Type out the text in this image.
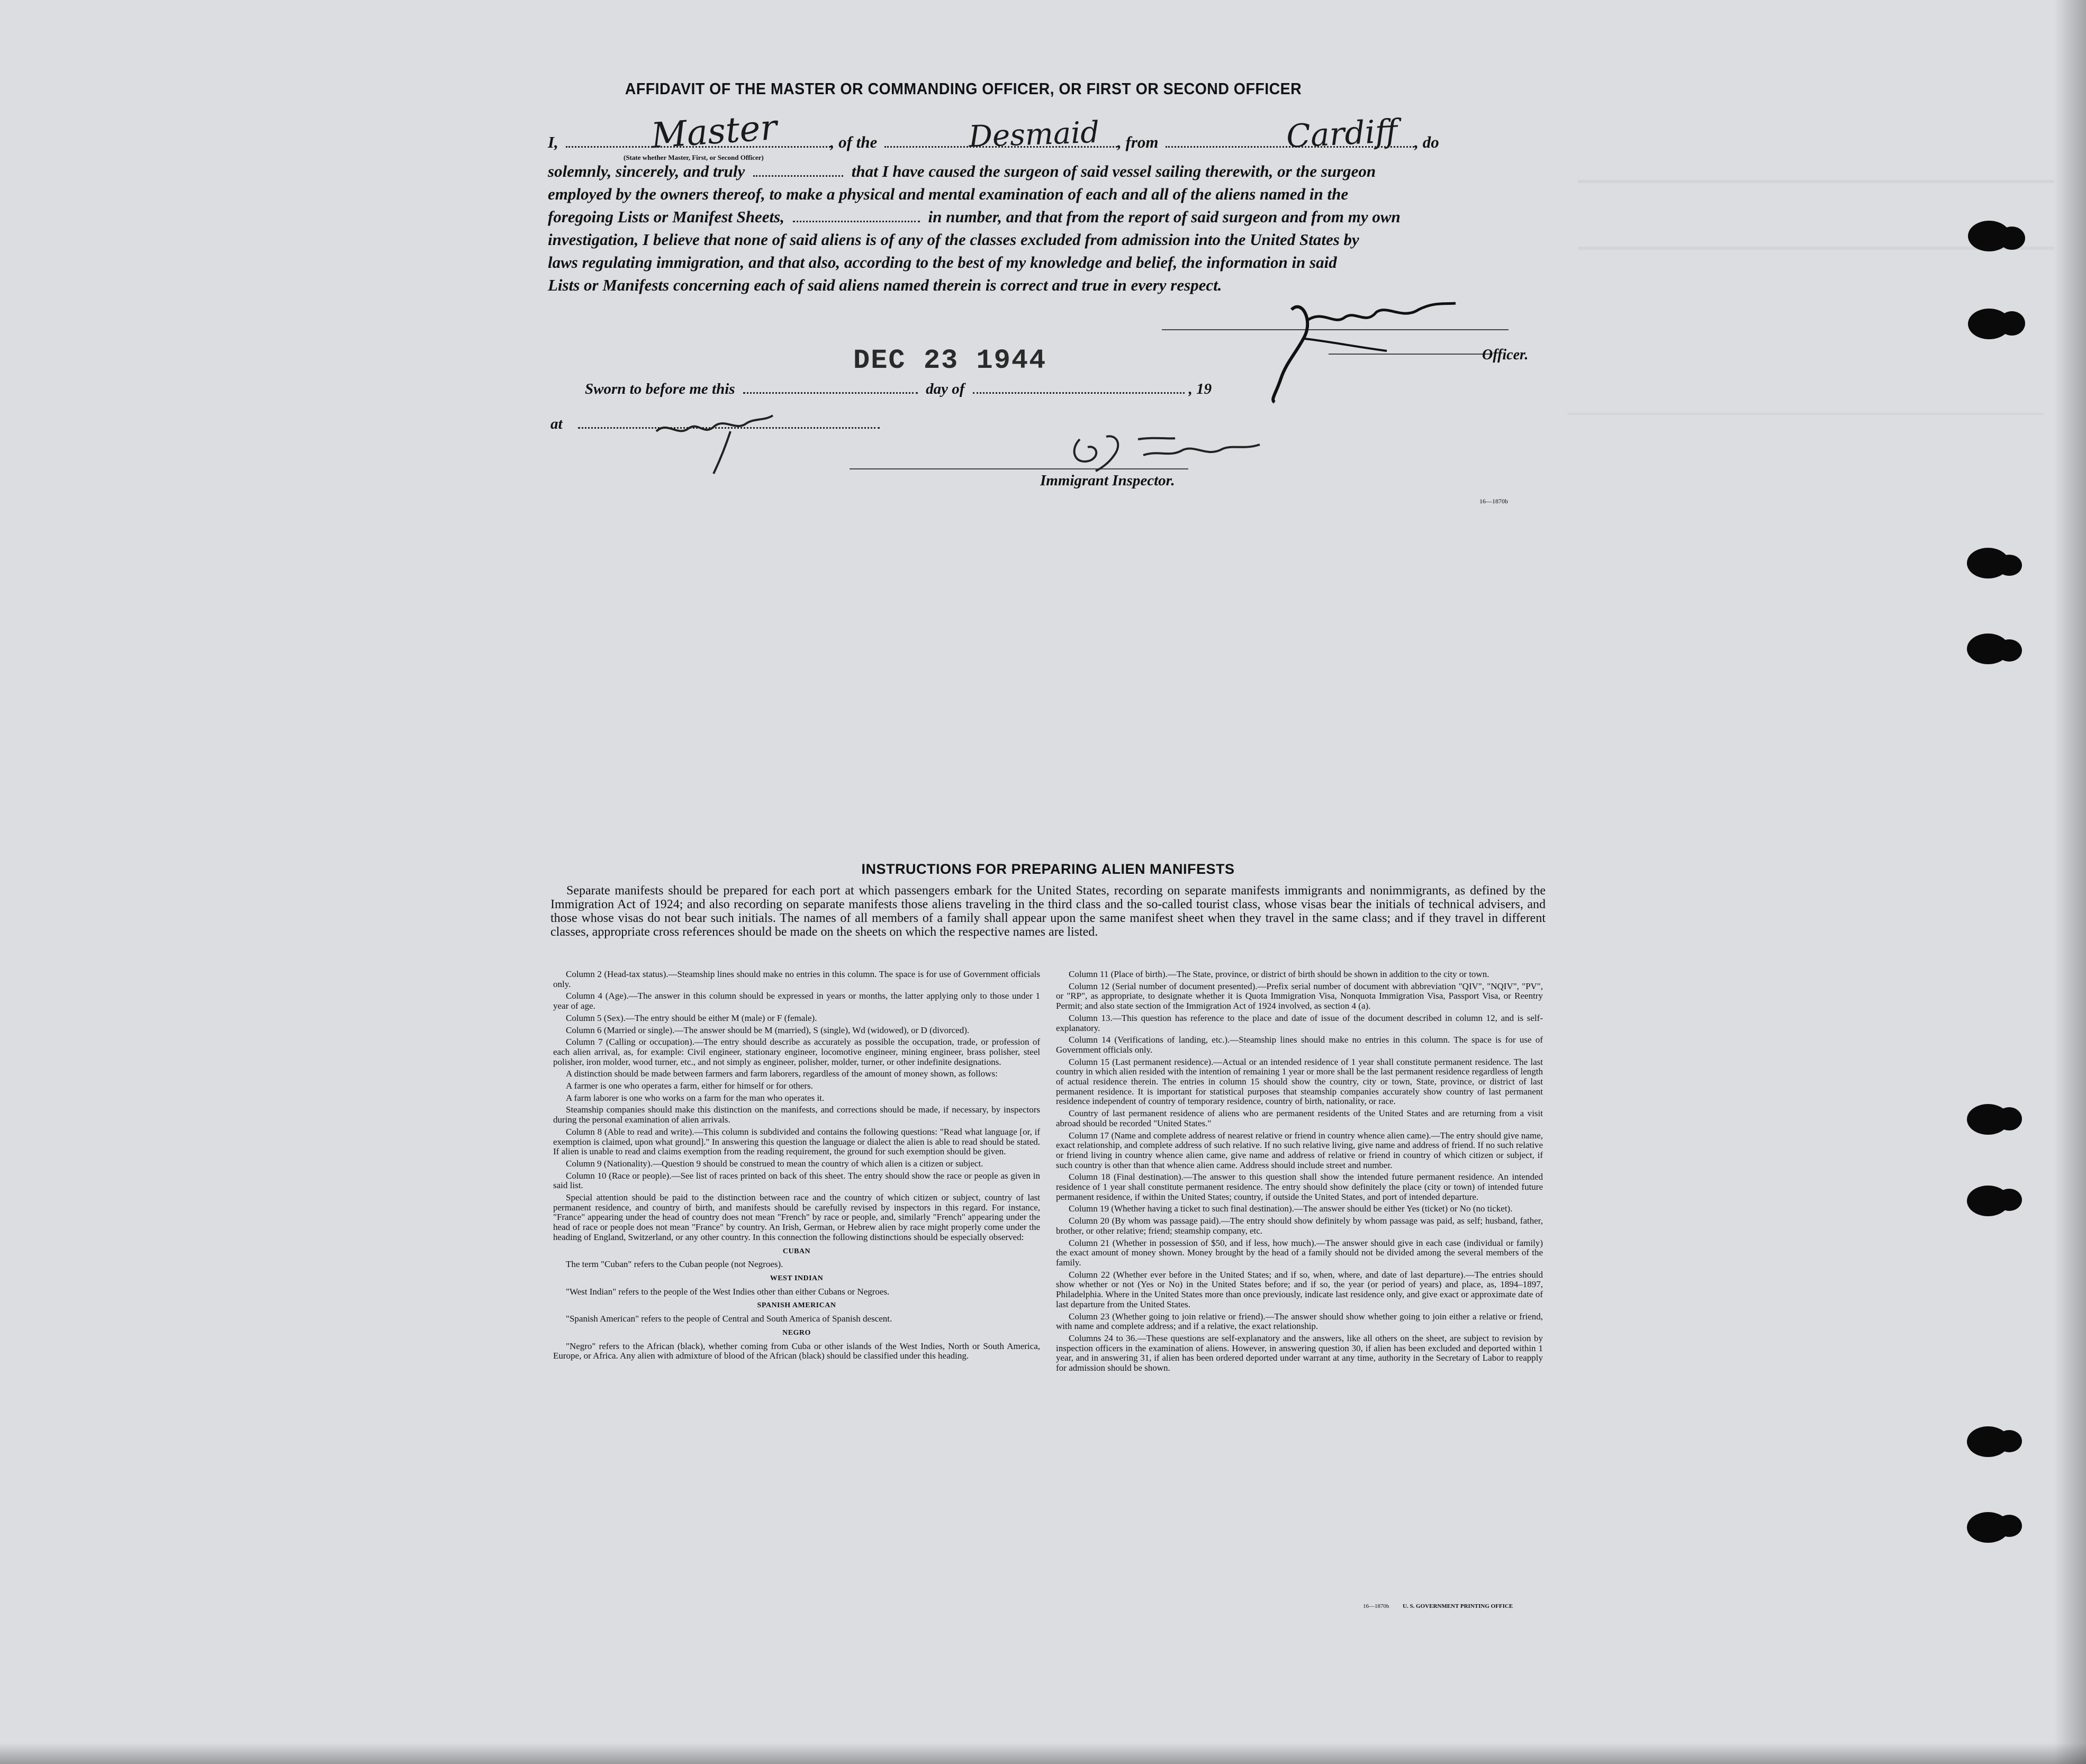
AFFIDAVIT OF THE MASTER OR COMMANDING OFFICER, OR FIRST OR SECOND OFFICER
I,	, of the	, from	, do
Master	Desmaid	Cardiff
(State whether Master, First, or Second Officer)
solemnly, sincerely, and truly	that I have caused the surgeon of said vessel sailing therewith, or the surgeon
employed by the owners thereof, to make a physical and mental examination of each and all of the aliens named in the
foregoing Lists or Manifest Sheets,	in number, and that from the report of said surgeon and from my own
investigation, I believe that none of said aliens is of any of the classes excluded from admission into the United States by
laws regulating immigration, and that also, according to the best of my knowledge and belief, the information in said
Lists or Manifests concerning each of said aliens named therein is correct and true in every respect.
Officer.
DEC 23 1944
Sworn to before me this	day of	, 19
at
Immigrant Inspector.
16—1870b
INSTRUCTIONS FOR PREPARING ALIEN MANIFESTS
Separate manifests should be prepared for each port at which passengers embark for the United States, recording on separate manifests immigrants and nonimmigrants, as defined by the Immigration Act of 1924; and also recording on separate manifests those aliens traveling in the third class and the so-called tourist class, whose visas bear the initials of technical advisers, and those whose visas do not bear such initials. The names of all members of a family shall appear upon the same manifest sheet when they travel in the same class; and if they travel in different classes, appropriate cross references should be made on the sheets on which the respective names are listed.

Column 2 (Head-tax status).—Steamship lines should make no entries in this column. The space is for use of Government officials only.

Column 4 (Age).—The answer in this column should be expressed in years or months, the latter applying only to those under 1 year of age.

Column 5 (Sex).—The entry should be either M (male) or F (female).

Column 6 (Married or single).—The answer should be M (married), S (single), Wd (widowed), or D (divorced).

Column 7 (Calling or occupation).—The entry should describe as accurately as possible the occupation, trade, or profession of each alien arrival, as, for example: Civil engineer, stationary engineer, locomotive engineer, mining engineer, brass polisher, steel polisher, iron molder, wood turner, etc., and not simply as engineer, polisher, molder, turner, or other indefinite designations.

A distinction should be made between farmers and farm laborers, regardless of the amount of money shown, as follows:

A farmer is one who operates a farm, either for himself or for others.

A farm laborer is one who works on a farm for the man who operates it.

Steamship companies should make this distinction on the manifests, and corrections should be made, if necessary, by inspectors during the personal examination of alien arrivals.

Column 8 (Able to read and write).—This column is subdivided and contains the following questions: "Read what language [or, if exemption is claimed, upon what ground]." In answering this question the language or dialect the alien is able to read should be stated. If alien is unable to read and claims exemption from the reading requirement, the ground for such exemption should be given.

Column 9 (Nationality).—Question 9 should be construed to mean the country of which alien is a citizen or subject.

Column 10 (Race or people).—See list of races printed on back of this sheet. The entry should show the race or people as given in said list.

Special attention should be paid to the distinction between race and the country of which citizen or subject, country of last permanent residence, and country of birth, and manifests should be carefully revised by inspectors in this regard. For instance, "France" appearing under the head of country does not mean "French" by race or people, and, similarly "French" appearing under the head of race or people does not mean "France" by country. An Irish, German, or Hebrew alien by race might properly come under the heading of England, Switzerland, or any other country. In this connection the following distinctions should be especially observed:

CUBAN

The term "Cuban" refers to the Cuban people (not Negroes).

WEST INDIAN

"West Indian" refers to the people of the West Indies other than either Cubans or Negroes.

SPANISH AMERICAN

"Spanish American" refers to the people of Central and South America of Spanish descent.

NEGRO

"Negro" refers to the African (black), whether coming from Cuba or other islands of the West Indies, North or South America, Europe, or Africa. Any alien with admixture of blood of the African (black) should be classified under this heading.

Column 11 (Place of birth).—The State, province, or district of birth should be shown in addition to the city or town.

Column 12 (Serial number of document presented).—Prefix serial number of document with abbreviation "QIV", "NQIV", "PV", or "RP", as appropriate, to designate whether it is Quota Immigration Visa, Nonquota Immigration Visa, Passport Visa, or Reentry Permit; and also state section of the Immigration Act of 1924 involved, as section 4 (a).

Column 13.—This question has reference to the place and date of issue of the document described in column 12, and is self-explanatory.

Column 14 (Verifications of landing, etc.).—Steamship lines should make no entries in this column. The space is for use of Government officials only.

Column 15 (Last permanent residence).—Actual or an intended residence of 1 year shall constitute permanent residence. The last country in which alien resided with the intention of remaining 1 year or more shall be the last permanent residence regardless of length of actual residence therein. The entries in column 15 should show the country, city or town, State, province, or district of last permanent residence. It is important for statistical purposes that steamship companies accurately show country of last permanent residence independent of country of temporary residence, country of birth, nationality, or race.

Country of last permanent residence of aliens who are permanent residents of the United States and are returning from a visit abroad should be recorded "United States."

Column 17 (Name and complete address of nearest relative or friend in country whence alien came).—The entry should give name, exact relationship, and complete address of such relative. If no such relative living, give name and address of friend. If no such relative or friend living in country whence alien came, give name and address of relative or friend in country of which citizen or subject, if such country is other than that whence alien came. Address should include street and number.

Column 18 (Final destination).—The answer to this question shall show the intended future permanent residence. An intended residence of 1 year shall constitute permanent residence. The entry should show definitely the place (city or town) of intended future permanent residence, if within the United States; country, if outside the United States, and port of intended departure.

Column 19 (Whether having a ticket to such final destination).—The answer should be either Yes (ticket) or No (no ticket).

Column 20 (By whom was passage paid).—The entry should show definitely by whom passage was paid, as self; husband, father, brother, or other relative; friend; steamship company, etc.

Column 21 (Whether in possession of $50, and if less, how much).—The answer should give in each case (individual or family) the exact amount of money shown. Money brought by the head of a family should not be divided among the several members of the family.

Column 22 (Whether ever before in the United States; and if so, when, where, and date of last departure).—The entries should show whether or not (Yes or No) in the United States before; and if so, the year (or period of years) and place, as, 1894–1897, Philadelphia. Where in the United States more than once previously, indicate last residence only, and give exact or approximate date of last departure from the United States.

Column 23 (Whether going to join relative or friend).—The answer should show whether going to join either a relative or friend, with name and complete address; and if a relative, the exact relationship.

Columns 24 to 36.—These questions are self-explanatory and the answers, like all others on the sheet, are subject to revision by inspection officers in the examination of aliens. However, in answering question 30, if alien has been excluded and deported within 1 year, and in answering 31, if alien has been ordered deported under warrant at any time, authority in the Secretary of Labor to reapply for admission should be shown.

16—1870b U. S. GOVERNMENT PRINTING OFFICE
